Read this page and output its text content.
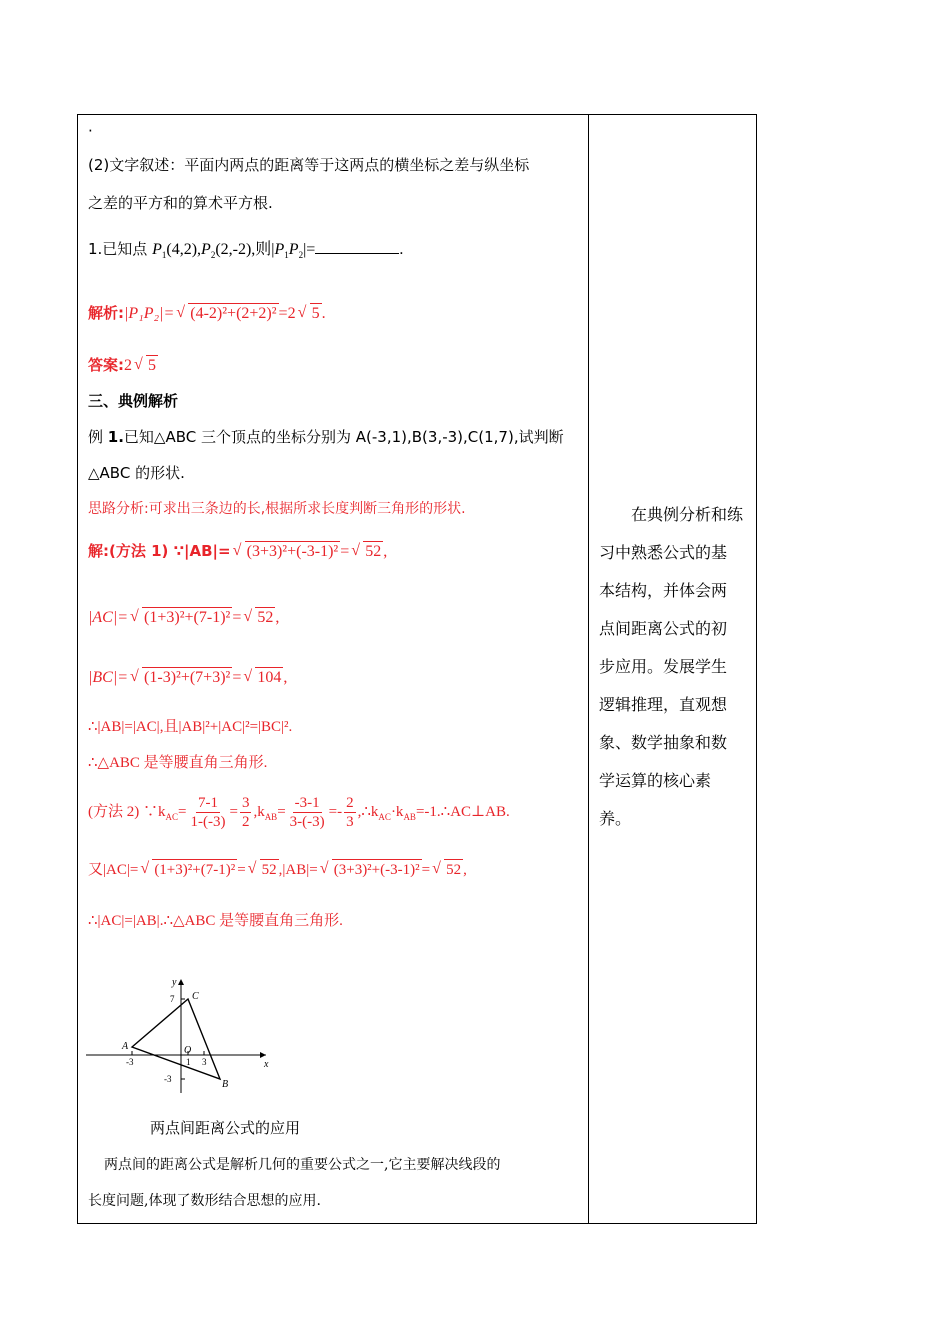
·
(2)文字叙述：平面内两点的距离等于这两点的横坐标之差与纵坐标
之差的平方和的算术平方根.
1.已知点 $P_1(4,2),P_2(2,-2)$,则$|P_1P_2|=$	.
解析:|P₁P₂|= √ (4-2)²+(2+2)² =2 √ 5 .
答案:2 √ 5
三、典例解析
例 1.已知△ABC 三个顶点的坐标分别为 A(-3,1),B(3,-3),C(1,7),试判断
△ABC 的形状.
思路分析:可求出三条边的长,根据所求长度判断三角形的形状.
解:(方法 1) ∵|AB|= √ (3+3)²+(-3-1)² = √ 52 ,
|AC|= √ (1+3)²+(7-1)² = √ 52 ,
|BC|= √ (1-3)²+(7+3)² = √ 104 ,
∴|AB|=|AC|,且|AB|²+|AC|²=|BC|².
∴△ABC 是等腰直角三角形.
(方法 2) $\because k_{AC}= \frac{7-1}{1-(-3)} = \frac{3}{2} ,k_{AB}= \frac{-3-1}{3-(-3)} =- \frac{2}{3}$ $,\therefore k_{AC}\cdot k_{AB}=-1.\therefore AC\perp AB$.
又|AC|= √ (1+3)²+(7-1)² = √ 52 ,|AB|= √ (3+3)²+(-3-1)² = √ 52 ,
∴|AC|=|AB|.∴△ABC 是等腰直角三角形.
y
x
C
A
B
O
7
-3	1 3
-3
两点间距离公式的应用
两点间的距离公式是解析几何的重要公式之一,它主要解决线段的
长度问题,体现了数形结合思想的应用.
在典例分析和练
习中熟悉公式的基
本结构，并体会两
点间距离公式的初
步应用。发展学生
逻辑推理，直观想
象、数学抽象和数
学运算的核心素
养。
